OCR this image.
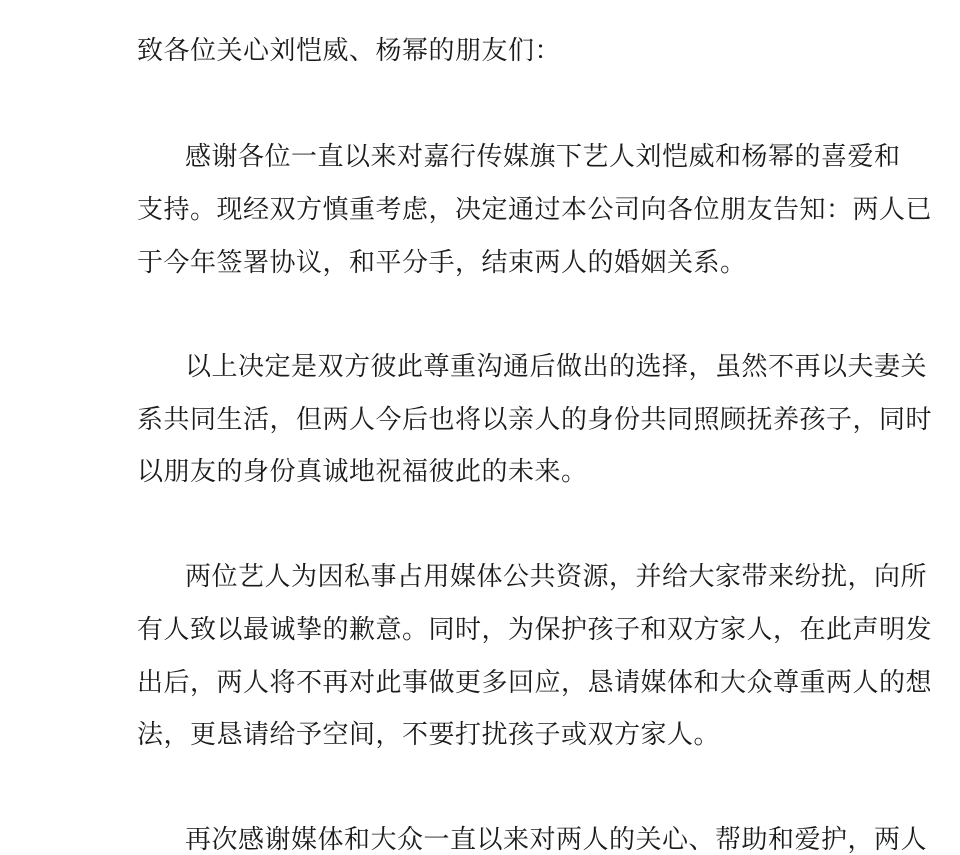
致各位关心刘恺威、杨幂的朋友们：
感谢各位一直以来对嘉行传媒旗下艺人刘恺威和杨幂的喜爱和
支持。现经双方慎重考虑，决定通过本公司向各位朋友告知：两人已
于今年签署协议，和平分手，结束两人的婚姻关系。
以上决定是双方彼此尊重沟通后做出的选择，虽然不再以夫妻关
系共同生活，但两人今后也将以亲人的身份共同照顾抚养孩子，同时
以朋友的身份真诚地祝福彼此的未来。
两位艺人为因私事占用媒体公共资源，并给大家带来纷扰，向所
有人致以最诚挚的歉意。同时，为保护孩子和双方家人，在此声明发
出后，两人将不再对此事做更多回应，恳请媒体和大众尊重两人的想
法，更恳请给予空间，不要打扰孩子或双方家人。
再次感谢媒体和大众一直以来对两人的关心、帮助和爱护，两人
